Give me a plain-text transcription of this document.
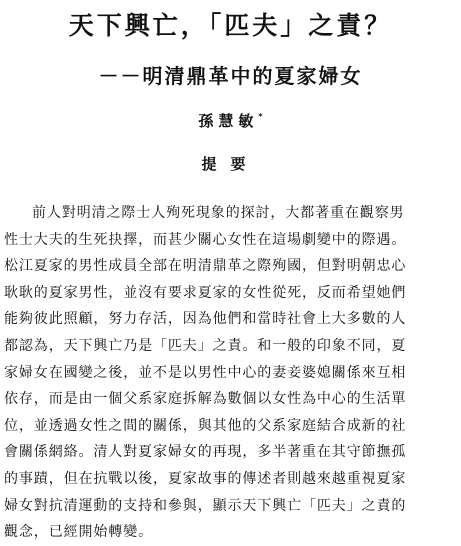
天下興亡，「匹夫」之責？
－－明清鼎革中的夏家婦女
孫慧敏*
提要
前人對明清之際士人殉死現象的探討，大都著重在觀察男
性士大夫的生死抉擇，而甚少關心女性在這場劇變中的際遇。
松江夏家的男性成員全部在明清鼎革之際殉國，但對明朝忠心
耿耿的夏家男性，並沒有要求夏家的女性從死，反而希望她們
能夠彼此照顧，努力存活，因為他們和當時社會上大多數的人
都認為，天下興亡乃是「匹夫」之責。和一般的印象不同，夏
家婦女在國變之後，並不是以男性中心的妻妾婆媳關係來互相
依存，而是由一個父系家庭拆解為數個以女性為中心的生活單
位，並透過女性之間的關係，與其他的父系家庭結合成新的社
會關係網絡。清人對夏家婦女的再現，多半著重在其守節撫孤
的事蹟，但在抗戰以後，夏家故事的傳述者則越來越重視夏家
婦女對抗清運動的支持和參與，顯示天下興亡「匹夫」之責的
觀念，已經開始轉變。
